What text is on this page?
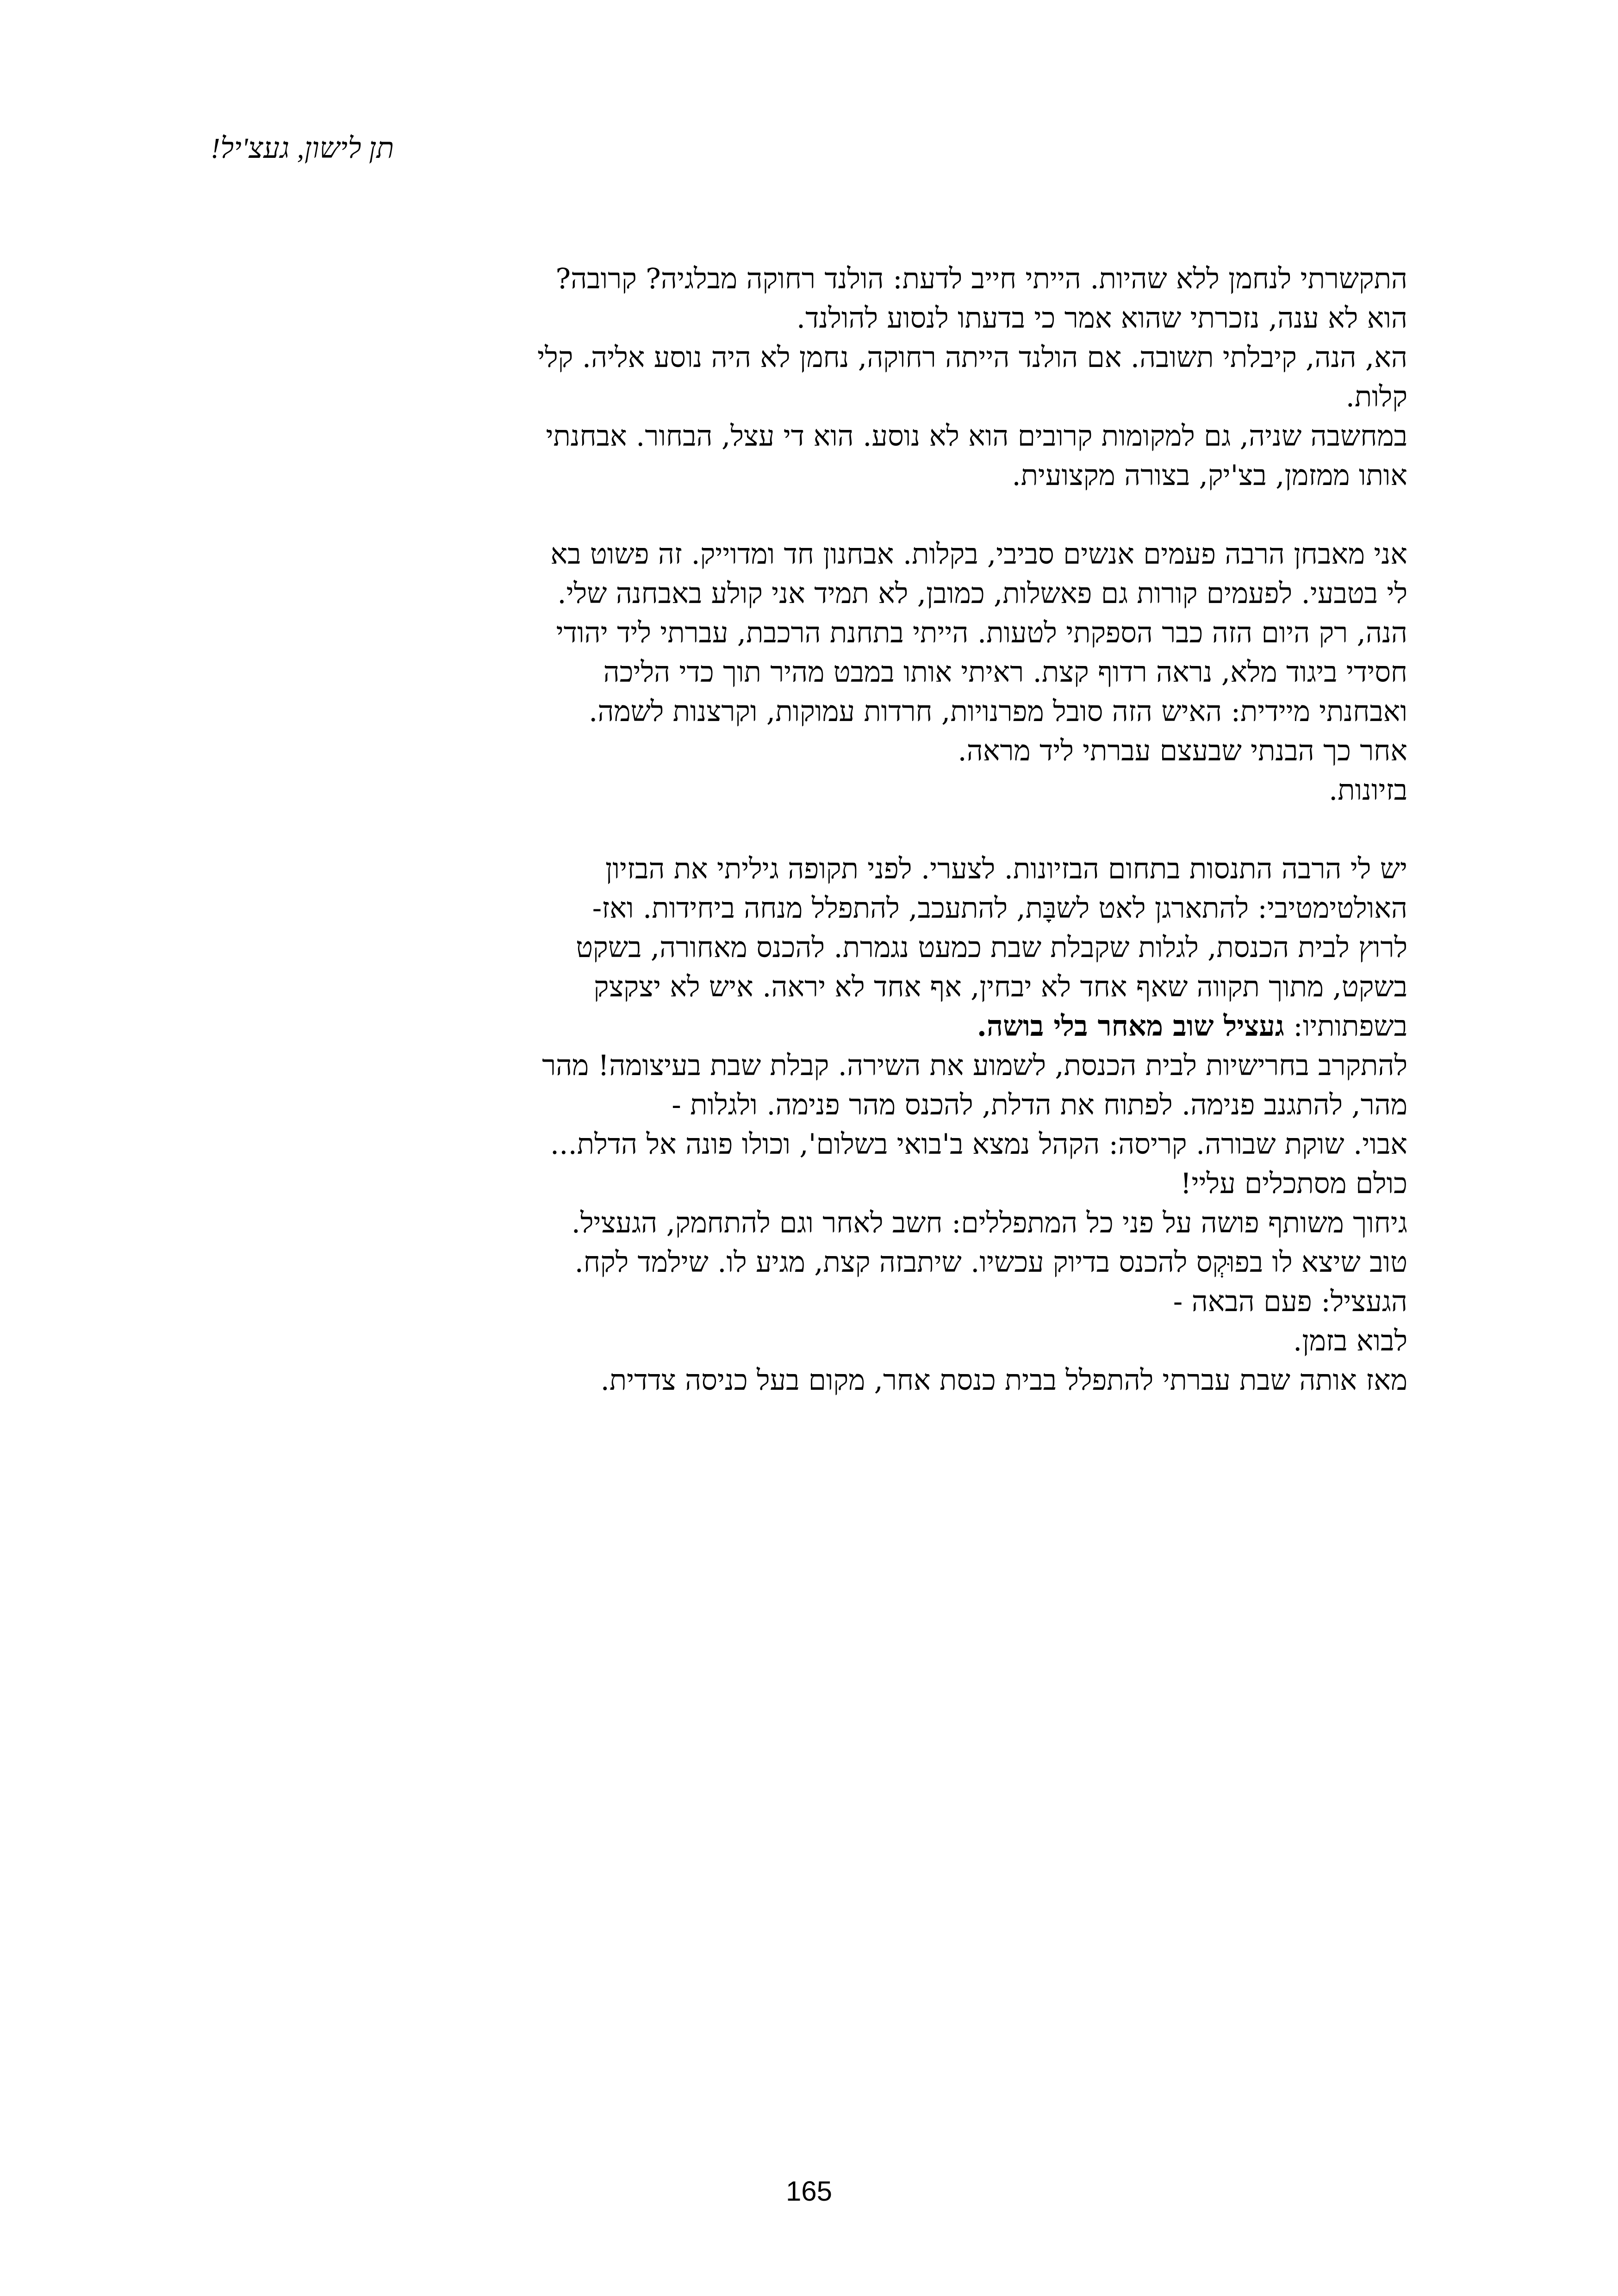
תן לישון, געצ'יל!

התקשרתי לנחמן ללא שהיות. הייתי חייב לדעת: הולנד רחוקה מבלגיה? קרובה?
הוא לא ענה, נזכרתי שהוא אמר כי בדעתו לנסוע להולנד.
הא, הנה, קיבלתי תשובה. אם הולנד הייתה רחוקה, נחמן לא היה נוסע אליה. קלי
קלות.
במחשבה שניה, גם למקומות קרובים הוא לא נוסע. הוא די עצל, הבחור. אבחנתי
אותו ממזמן, בצ'יק, בצורה מקצועית.

אני מאבחן הרבה פעמים אנשים סביבי, בקלות. אבחנון חד ומדוייק. זה פשוט בא
לי בטבעי. לפעמים קורות גם פאשלות, כמובן, לא תמיד אני קולע באבחנה שלי.
הנה, רק היום הזה כבר הספקתי לטעות. הייתי בתחנת הרכבת, עברתי ליד יהודי
חסידי ביגוד מלא, נראה רדוף קצת. ראיתי אותו במבט מהיר תוך כדי הליכה
ואבחנתי מיידית: האיש הזה סובל מפרנויות, חרדות עמוקות, וקרצנות לשמה.
אחר כך הבנתי שבעצם עברתי ליד מראה.
בזיונות.

יש לי הרבה התנסות בתחום הבזיונות. לצערי. לפני תקופה גיליתי את הבזיון
האולטימטיבי: להתארגן לאט לשבָּת, להתעכב, להתפלל מנחה ביחידות. ואז-
לרוץ לבית הכנסת, לגלות שקבלת שבת כמעט נגמרת. להכנס מאחורה, בשקט
בשקט, מתוך תקווה שאף אחד לא יבחין, אף אחד לא יראה. איש לא יצקצק
בשפתותיו: געציל שוב מאחר בלי בושה.
להתקרב בחרישיות לבית הכנסת, לשמוע את השירה. קבלת שבת בעיצומה! מהר
מהר, להתגנב פנימה. לפתוח את הדלת, להכנס מהר פנימה. ולגלות -
אבוי. שוקת שבורה. קריסה: הקהל נמצא ב'בואי בשלום', וכולו פונה אל הדלת...
כולם מסתכלים עליי!
גיחוך משותף פושה על פני כל המתפללים: חשב לאחר וגם להתחמק, הגעציל.
טוב שיצא לו בפוּקְס להכנס בדיוק עכשיו. שיתבזה קצת, מגיע לו. שילמד לקח.
הגעציל: פעם הבאה -
לבוא בזמן.
מאז אותה שבת עברתי להתפלל בבית כנסת אחר, מקום בעל כניסה צדדית.

165
